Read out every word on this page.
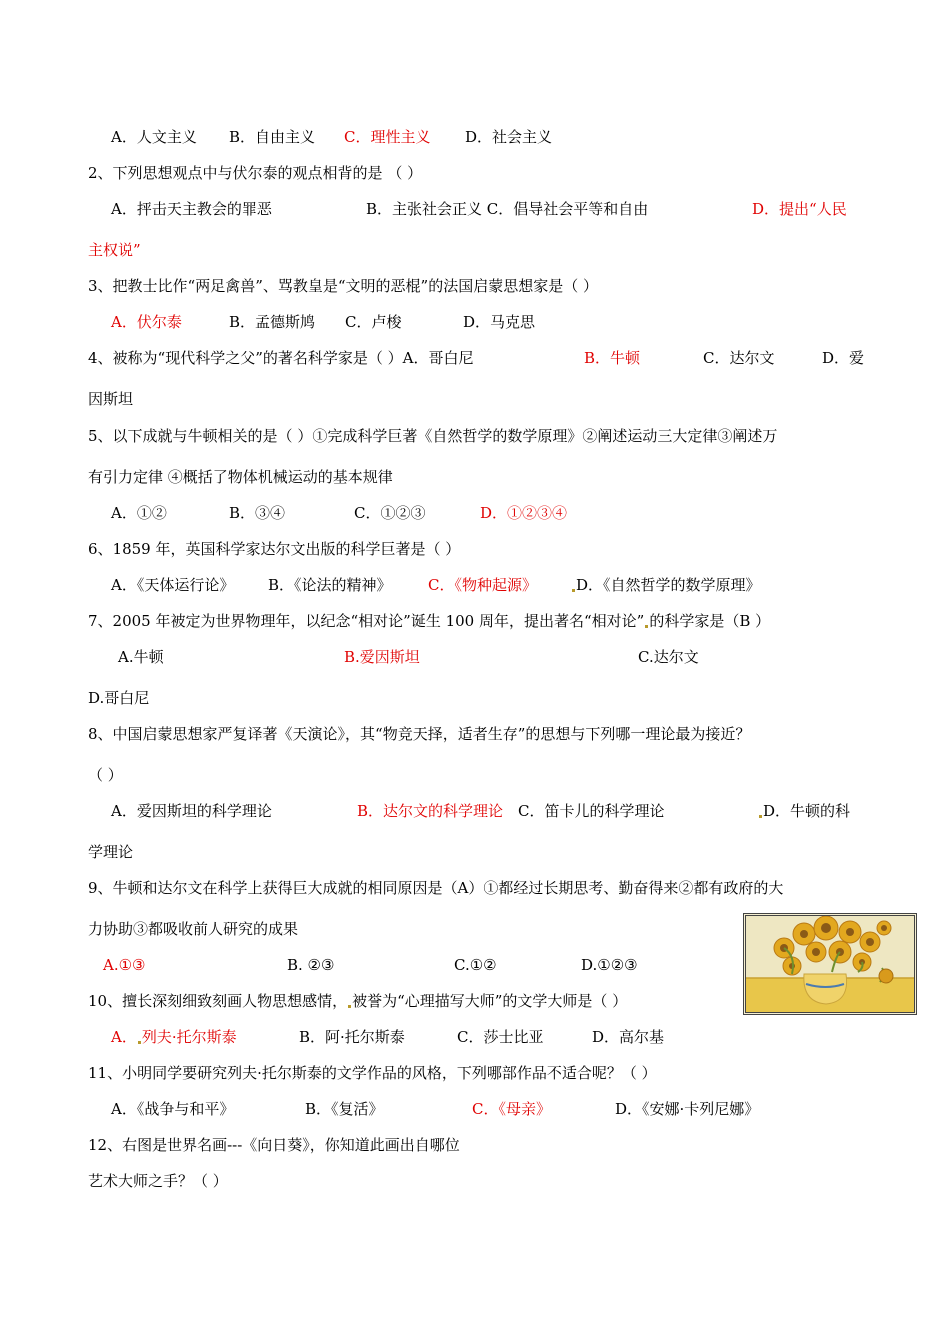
A．人文主义 B．自由主义 C．理性主义 D．社会主义
2、下列思想观点中与伏尔泰的观点相背的是 （ ）
A．抨击天主教会的罪恶	B．主张社会正义 C．倡导社会平等和自由	D．提出“人民
主权说”
3、把教士比作“两足禽兽”、骂教皇是“文明的恶棍”的法国启蒙思想家是（ ）
A．伏尔泰	B．孟德斯鸠 C．卢梭	D．马克思
4、被称为“现代科学之父”的著名科学家是（ ）A．哥白尼	B．牛顿	C．达尔文	D．爱
因斯坦
5、以下成就与牛顿相关的是（ ）①完成科学巨著《自然哲学的数学原理》②阐述运动三大定律③阐述万
有引力定律 ④概括了物体机械运动的基本规律
A．①②	B．③④	C．①②③	D．①②③④
6、1859 年，英国科学家达尔文出版的科学巨著是（ ）
A．《天体运行论》 B．《论法的精神》 C．《物种起源》	D．《自然哲学的数学原理》
7、2005 年被定为世界物理年，以纪念“相对论”诞生 100 周年，提出著名“相对论” 的科学家是（B ）
A.牛顿	B.爱因斯坦	C.达尔文
D.哥白尼
8、中国启蒙思想家严复译著《天演论》，其“物竞天择，适者生存”的思想与下列哪一理论最为接近？
（ ）
A．爱因斯坦的科学理论	B．达尔文的科学理论 C．笛卡儿的科学理论	D．牛顿的科
学理论
9、牛顿和达尔文在科学上获得巨大成就的相同原因是（A）①都经过长期思考、勤奋得来②都有政府的大
力协助③都吸收前人研究的成果
A.①③	B. ②③	C.①②	D.①②③
10、擅长深刻细致刻画人物思想感情， 被誉为“心理描写大师”的文学大师是（ ）
A． 列夫·托尔斯泰	B．阿·托尔斯泰	C．莎士比亚	D．高尔基
11、小明同学要研究列夫·托尔斯泰的文学作品的风格，下列哪部作品不适合呢？（ ）
A．《战争与和平》	B．《复活》	C．《母亲》	D．《安娜·卡列尼娜》
12、右图是世界名画---《向日葵》，你知道此画出自哪位
艺术大师之手？（ ）
